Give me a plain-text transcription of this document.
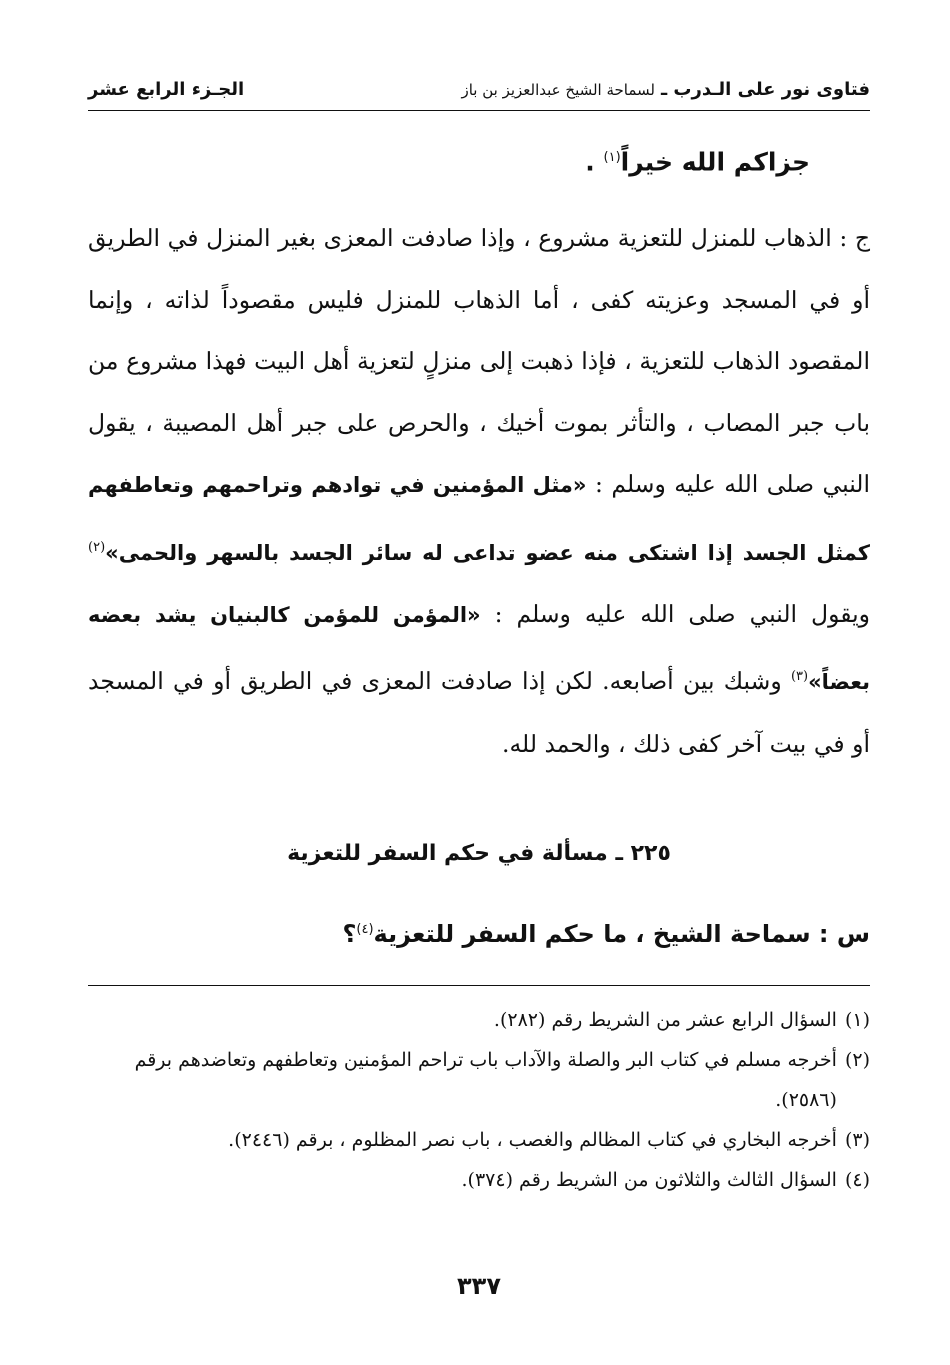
فتاوى نور على الـدرب ـ
لسماحة الشيخ عبدالعزيز بن باز
الجـزء الرابع عشر
جزاكم الله خيراً$^{(١)}$ .
ج : الذهاب للمنزل للتعزية مشروع ، وإذا صادفت المعزى بغير المنزل في الطريق أو في المسجد وعزيته كفى ، أما الذهاب للمنزل فليس مقصوداً لذاته ، وإنما المقصود الذهاب للتعزية ، فإذا ذهبت إلى منزلٍ لتعزية أهل البيت فهذا مشروع من باب جبر المصاب ، والتأثر بموت أخيك ، والحرص على جبر أهل المصيبة ، يقول النبي صلى الله عليه وسلم : «مثل المؤمنين في توادهم وتراحمهم وتعاطفهم كمثل الجسد إذا اشتكى منه عضو تداعى له سائر الجسد بالسهر والحمى»$^{(٢)}$ ويقول النبي صلى الله عليه وسلم : «المؤمن للمؤمن كالبنيان يشد بعضه بعضاً»$^{(٣)}$ وشبك بين أصابعه. لكن إذا صادفت المعزى في الطريق أو في المسجد أو في بيت آخر كفى ذلك ، والحمد لله.
٢٢٥ ـ مسألة في حكم السفر للتعزية
س : سماحة الشيخ ، ما حكم السفر للتعزية$^{(٤)}$؟
(١)
السؤال الرابع عشر من الشريط رقم (٢٨٢).
(٢)
أخرجه مسلم في كتاب البر والصلة والآداب باب تراحم المؤمنين وتعاطفهم وتعاضدهم برقم (٢٥٨٦).
(٣)
أخرجه البخاري في كتاب المظالم والغصب ، باب نصر المظلوم ، برقم (٢٤٤٦).
(٤)
السؤال الثالث والثلاثون من الشريط رقم (٣٧٤).
٣٣٧
